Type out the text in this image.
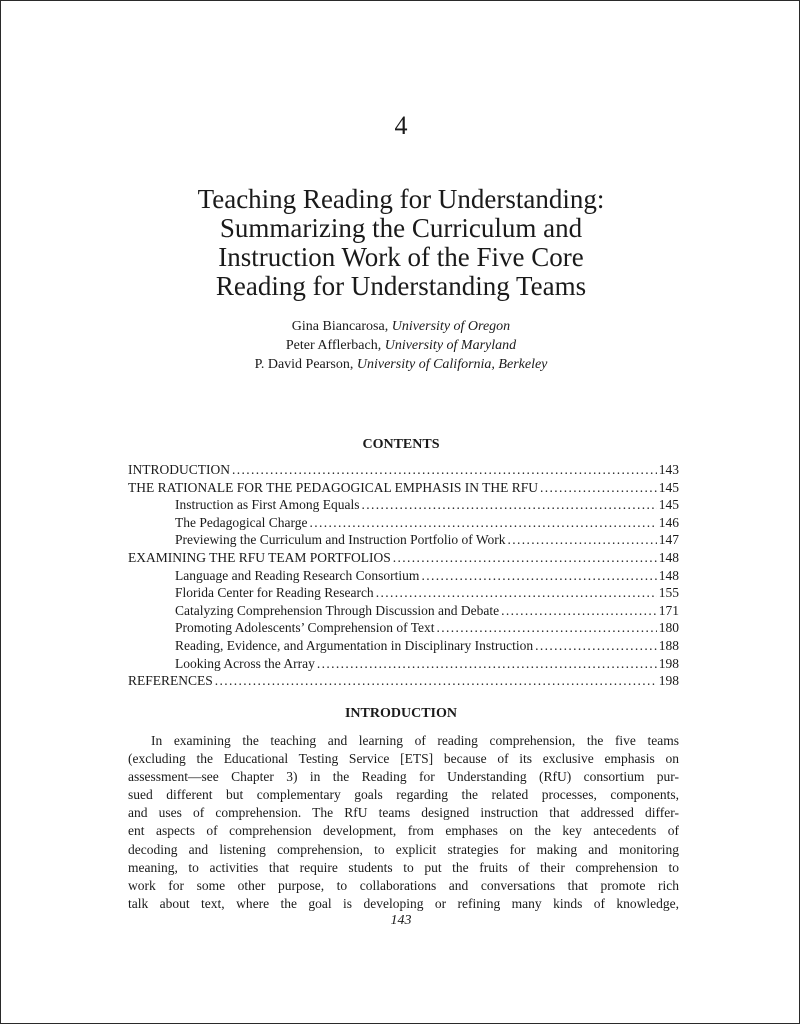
4
Teaching Reading for Understanding:
Summarizing the Curriculum and
Instruction Work of the Five Core
Reading for Understanding Teams
Gina Biancarosa, University of Oregon
Peter Afflerbach, University of Maryland
P. David Pearson, University of California, Berkeley
CONTENTS
INTRODUCTION . . .	143
THE RATIONALE FOR THE PEDAGOGICAL EMPHASIS IN THE RFU . . .	145
Instruction as First Among Equals . . .	145
The Pedagogical Charge . . .	146
Previewing the Curriculum and Instruction Portfolio of Work . . .	147
EXAMINING THE RFU TEAM PORTFOLIOS . . .	148
Language and Reading Research Consortium . . .	148
Florida Center for Reading Research . . .	155
Catalyzing Comprehension Through Discussion and Debate . . .	171
Promoting Adolescents’ Comprehension of Text . . .	180
Reading, Evidence, and Argumentation in Disciplinary Instruction . . .	188
Looking Across the Array . . .	198
REFERENCES . . .	198
INTRODUCTION
In examining the teaching and learning of reading comprehension, the five teams
(excluding the Educational Testing Service [ETS] because of its exclusive emphasis on
assessment—see Chapter 3) in the Reading for Understanding (RfU) consortium pur-
sued different but complementary goals regarding the related processes, components,
and uses of comprehension. The RfU teams designed instruction that addressed differ-
ent aspects of comprehension development, from emphases on the key antecedents of
decoding and listening comprehension, to explicit strategies for making and monitoring
meaning, to activities that require students to put the fruits of their comprehension to
work for some other purpose, to collaborations and conversations that promote rich
talk about text, where the goal is developing or refining many kinds of knowledge,
143
